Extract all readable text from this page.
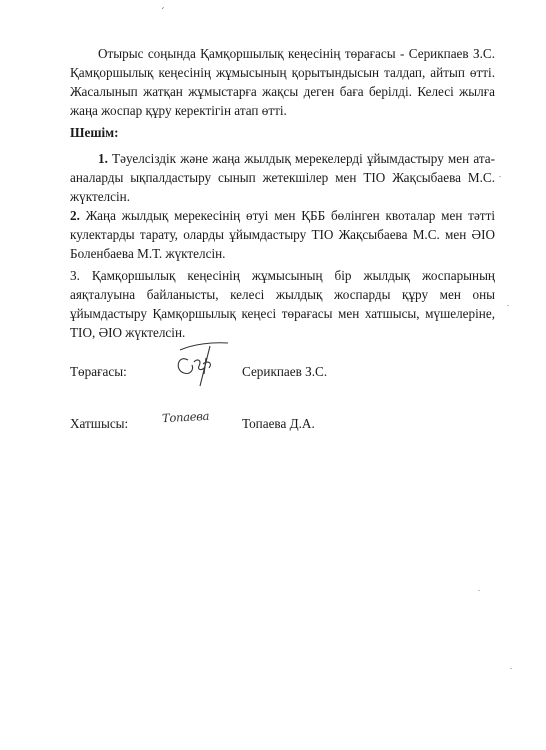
ˊ

Отырыс соңында Қамқоршылық кеңесінің төрағасы - Серикпаев З.С. Қамқоршылық кеңесінің жұмысының қорытындысын талдап, айтып өтті. Жасалынып жатқан жұмыстарға жақсы деген баға берілді. Келесі жылға жаңа жоспар құру керектігін атап өтті.

Шешім:

1. Тәуелсіздік және жаңа жылдық мерекелерді ұйымдастыру мен ата-аналарды ықпалдастыру сынып жетекшілер мен ТІО Жақсыбаева М.С. жүктелсін.

2. Жаңа жылдық мерекесінің өтуі мен ҚББ бөлінген квоталар мен тәтті кулектарды тарату, оларды ұйымдастыру ТІО Жақсыбаева М.С. мен ӘІО Боленбаева М.Т. жүктелсін.

3. Қамқоршылық кеңесінің жұмысының бір жылдық жоспарының аяқталуына байланысты, келесі жылдық жоспарды құру мен оны ұйымдастыру Қамқоршылық кеңесі төрағасы мен хатшысы, мүшелеріне, ТІО, ӘІО жүктелсін.

Төрағасы:	Серикпаев З.С.
Хатшысы:	Топаева Топаева Д.А.
